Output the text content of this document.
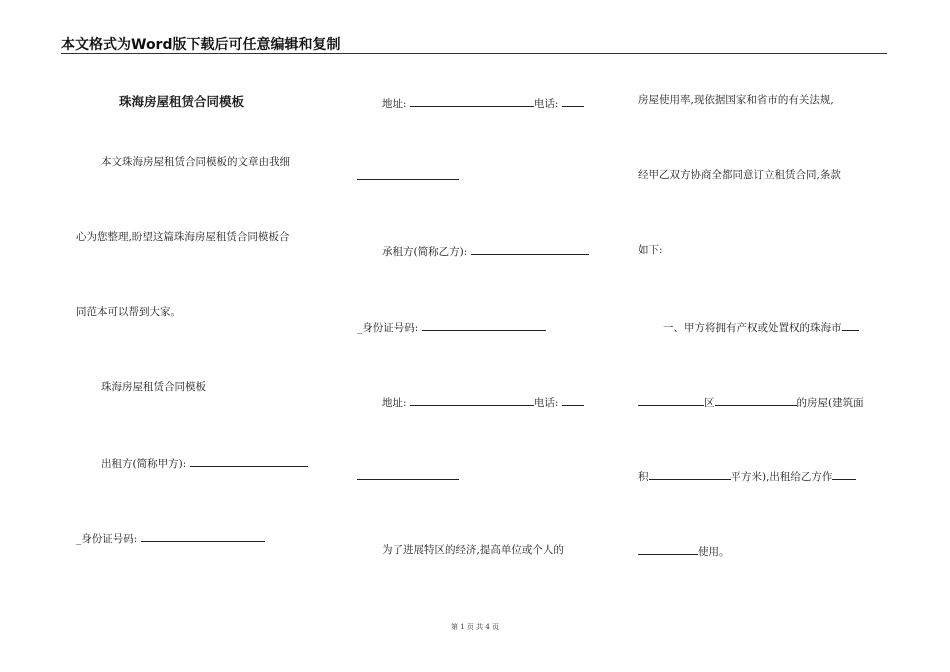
本文格式为Word版下载后可任意编辑和复制
珠海房屋租赁合同模板
本文珠海房屋租赁合同模板的文章由我细
心为您整理,盼望这篇珠海房屋租赁合同模板合
同范本可以帮到大家。
珠海房屋租赁合同模板
出租方(简称甲方):
_身份证号码:
地址:	电话:
承租方(简称乙方):
_身份证号码:
地址:	电话:
为了进展特区的经济,提高单位或个人的
房屋使用率,现依据国家和省市的有关法规,
经甲乙双方协商全都同意订立租赁合同,条款
如下:
一、甲方将拥有产权或处置权的珠海市
区	的房屋(建筑面
积	平方米),出租给乙方作
使用。
第 1 页 共 4 页
